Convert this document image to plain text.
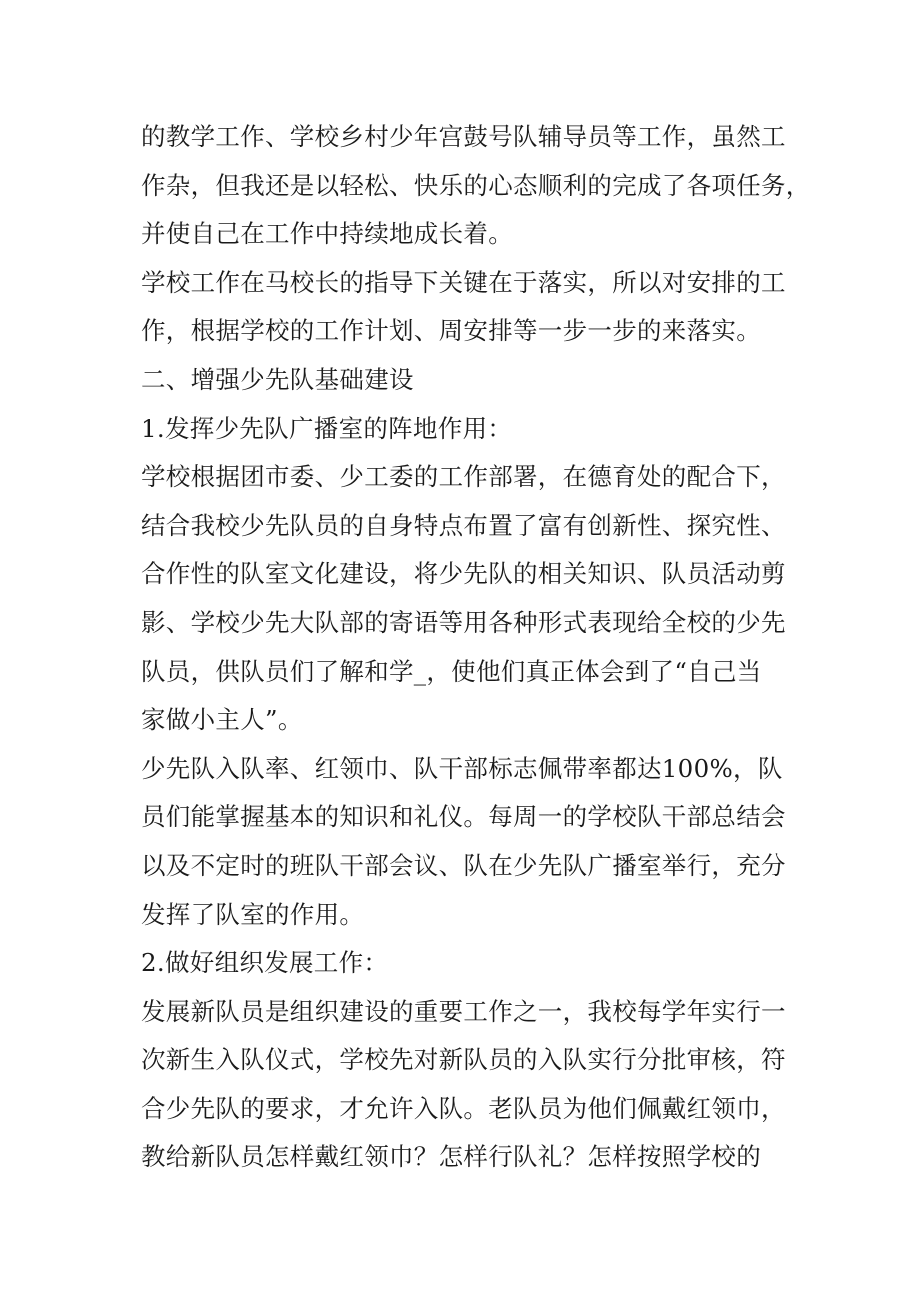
的教学工作、学校乡村少年宫鼓号队辅导员等工作，虽然工
作杂，但我还是以轻松、快乐的心态顺利的完成了各项任务，
并使自己在工作中持续地成长着。
学校工作在马校长的指导下关键在于落实，所以对安排的工
作，根据学校的工作计划、周安排等一步一步的来落实。
二、增强少先队基础建设
1.发挥少先队广播室的阵地作用：
学校根据团市委、少工委的工作部署，在德育处的配合下，
结合我校少先队员的自身特点布置了富有创新性、探究性、
合作性的队室文化建设，将少先队的相关知识、队员活动剪
影、学校少先大队部的寄语等用各种形式表现给全校的少先
队员，供队员们了解和学_，使他们真正体会到了“自己当
家做小主人”。
少先队入队率、红领巾、队干部标志佩带率都达100%，队
员们能掌握基本的知识和礼仪。每周一的学校队干部总结会
以及不定时的班队干部会议、队在少先队广播室举行，充分
发挥了队室的作用。
2.做好组织发展工作：
发展新队员是组织建设的重要工作之一，我校每学年实行一
次新生入队仪式，学校先对新队员的入队实行分批审核，符
合少先队的要求，才允许入队。老队员为他们佩戴红领巾，
教给新队员怎样戴红领巾？怎样行队礼？怎样按照学校的
